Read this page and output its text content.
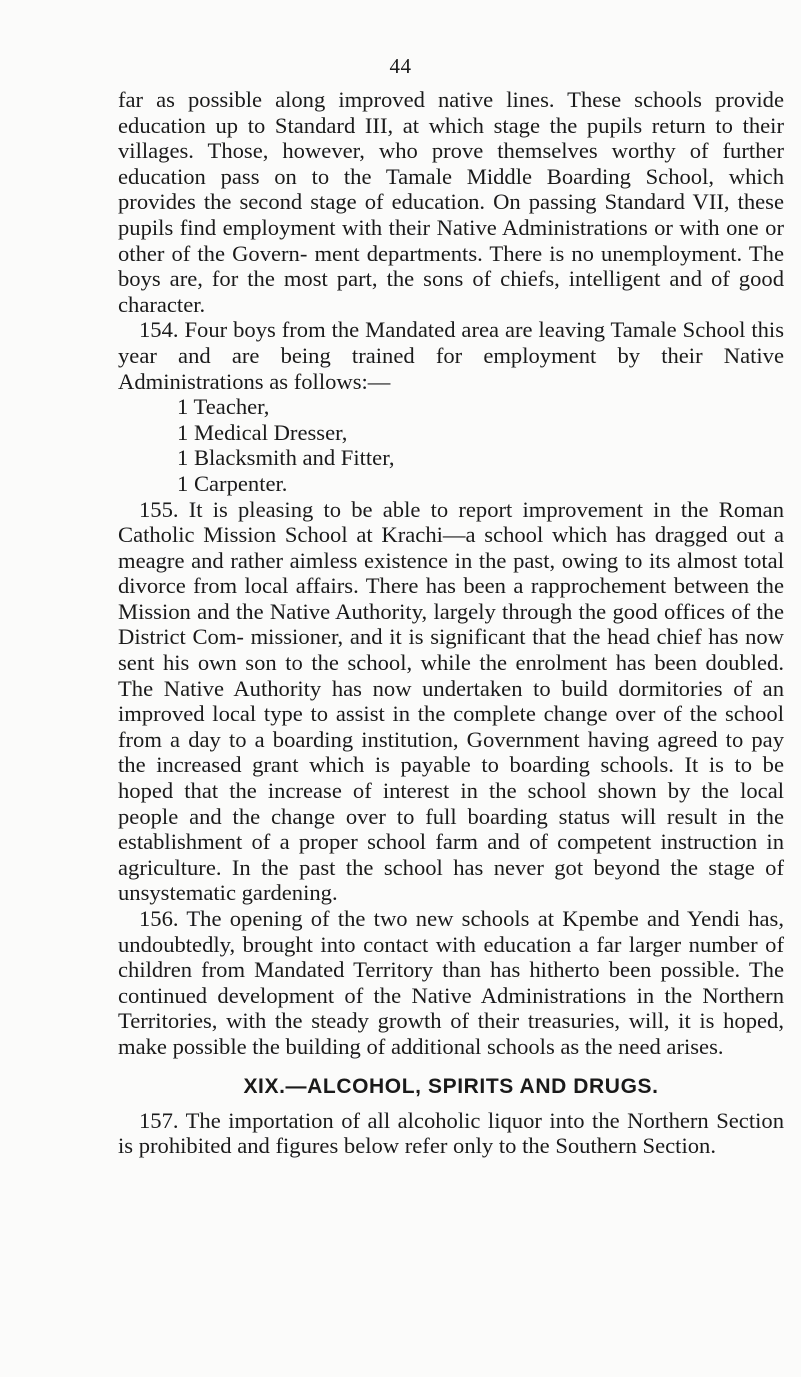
44

far as possible along improved native lines. These schools provide education up to Standard III, at which stage the pupils return to their villages. Those, however, who prove themselves worthy of further education pass on to the Tamale Middle Boarding School, which provides the second stage of education. On passing Standard VII, these pupils find employment with their Native Administrations or with one or other of the Govern- ment departments. There is no unemployment. The boys are, for the most part, the sons of chiefs, intelligent and of good character.

154. Four boys from the Mandated area are leaving Tamale School this year and are being trained for employment by their Native Administrations as follows:—

1 Teacher,
1 Medical Dresser,
1 Blacksmith and Fitter,
1 Carpenter.

155. It is pleasing to be able to report improvement in the Roman Catholic Mission School at Krachi—a school which has dragged out a meagre and rather aimless existence in the past, owing to its almost total divorce from local affairs. There has been a rapprochement between the Mission and the Native Authority, largely through the good offices of the District Com- missioner, and it is significant that the head chief has now sent his own son to the school, while the enrolment has been doubled. The Native Authority has now undertaken to build dormitories of an improved local type to assist in the complete change over of the school from a day to a boarding institution, Government having agreed to pay the increased grant which is payable to boarding schools. It is to be hoped that the increase of interest in the school shown by the local people and the change over to full boarding status will result in the establishment of a proper school farm and of competent instruction in agriculture. In the past the school has never got beyond the stage of unsystematic gardening.

156. The opening of the two new schools at Kpembe and Yendi has, undoubtedly, brought into contact with education a far larger number of children from Mandated Territory than has hitherto been possible. The continued development of the Native Administrations in the Northern Territories, with the steady growth of their treasuries, will, it is hoped, make possible the building of additional schools as the need arises.

XIX.—ALCOHOL, SPIRITS AND DRUGS.

157. The importation of all alcoholic liquor into the Northern Section is prohibited and figures below refer only to the Southern Section.
